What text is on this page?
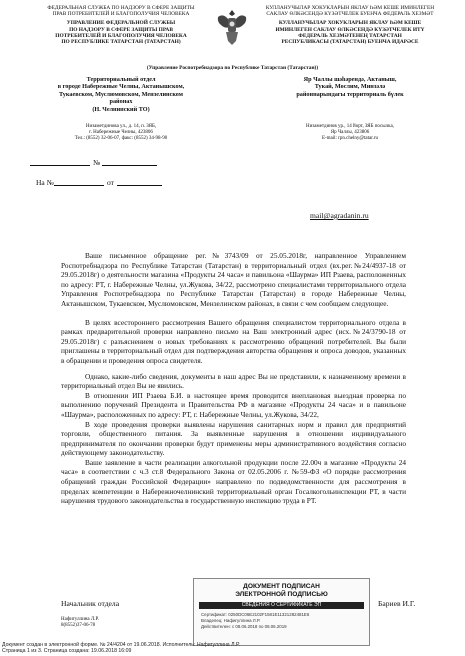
ФЕДЕРАЛЬНАЯ СЛУЖБА ПО НАДЗОРУ В СФЕРЕ ЗАЩИТЫ
ПРАВ ПОТРЕБИТЕЛЕЙ И БЛАГОПОЛУЧИЯ ЧЕЛОВЕКА
УПРАВЛЕНИЕ ФЕДЕРАЛЬНОЙ СЛУЖБЫ
ПО НАДЗОРУ В СФЕРЕ ЗАЩИТЫ ПРАВ
ПОТРЕБИТЕЛЕЙ И БЛАГОПОЛУЧИЯ ЧЕЛОВЕКА
ПО РЕСПУБЛИКЕ ТАТАРСТАН (ТАТАРСТАН)
КУЛЛАНУЧЫЛАР ХОКУКЛАРЫН ЯКЛАУ ҺӘМ КЕШЕ ИМИНЛЕГЕН
САКЛАУ ӨЛКӘСЕНДӘ КҮЗӘТЧЕЛЕК БУЕНЧА ФЕДЕРАЛЬ ХЕЗМӘТ
КУЛЛАНУЧЫЛАР ХОКУКЛАРЫН ЯКЛАУ ҺӘМ КЕШЕ
ИМИНЛЕГЕН САКЛАУ ӨЛКӘСЕНДӘ КҮЗӘТЧЕЛЕК ИТҮ
ФЕДЕРАЛЬ ХЕЗМӘТЕНЕҢ ТАТАРСТАН
РЕСПУБЛИКАСЫ (ТАТАРСТАН) БУЕНЧА ИДАРӘСЕ
(Управление Роспотребнадзора по Республике Татарстан (Татарстан))
Территориальный отдел
в городе Набережные Челны, Актанышском,
Тукаевском, Муслюмовском, Мензелинском
районах
(Н. Челнинский ТО)
Яр Чаллы шәһәрендә, Актаныш,
Тукай, Мөслим, Минзәлә
районнарындагы территориаль бүлек
Низаметдинова ул., д. 14, п. ЗЯБ,
г. Набережные Челны, 423806
Тел.: (8552) 32-06-07, факс: (8552) 34-98-90
Низаметдинов ур., 14 йорт, ЗЯБ посылка,
Яр Чаллы, 423806
E-mail: rpn.chelny@tatar.ru
№
На №	от
mail@agradanin.ru

Ваше письменное обращение рег.№3743/09 от 25.05.2018г, направленное Управлением Роспотребнадзора по Республике Татарстан (Татарстан) в территориальный отдел (вх.рег.№24/4937-18 от 29.05.2018г) о деятельности магазина «Продукты 24 часа» и павильона «Шаурма» ИП Рзаева, расположенных по адресу: РТ, г. Набережные Челны, ул.Жукова, 34/22, рассмотрено специалистами территориального отдела Управления Роспотребнадзора по Республике Татарстан (Татарстан) в городе Набережные Челны, Актанышском, Тукаевском, Муслюмовском, Мензелинском районах, в связи с чем сообщаем следующее.

В целях всестороннего рассмотрения Вашего обращения специалистом территориального отдела в рамках предварительной проверки направлено письмо на Ваш электронный адрес (исх.№24/3790-18 от 29.05.2018г) с разъяснением о новых требованиях к рассмотрению обращений потребителей. Вы были приглашены в территориальный отдел для подтверждения авторства обращения и опроса доводов, указанных в обращении и проведения опроса свидетеля.

Однако, какие-либо сведения, документы в наш адрес Вы не представили, к назначенному времени в территориальный отдел Вы не явились.

В отношении ИП Рзаева Б.И. в настоящее время проводится внеплановая выездная проверка по выполнению поручений Президента и Правительства РФ в магазине «Продукты 24 часа» и в павильоне «Шаурма», расположенных по адресу: РТ, г. Набережные Челны, ул.Жукова, 34/22,

В ходе проведения проверки выявлены нарушения санитарных норм и правил для предприятий торговли, общественного питания. За выявленные нарушения в отношении индивидуального предпринимателя по окончании проверки будут применены меры административного воздействия согласно действующему законодательству.

Ваше заявление в части реализации алкогольной продукции после 22.00ч в магазине «Продукты 24 часа» в соответствии с ч.3 ст.8 Федерального Закона от 02.05.2006 г. №59-ФЗ «О порядке рассмотрения обращений граждан Российской Федерации» направлено по подведомственности для рассмотрения в пределах компетенции в Набережночелнинский территориальный орган Госалкогольинспекции РТ, в части нарушения трудового законодательства в государственную инспекцию труда в РТ.

Начальник отдела	Бариев И.Г.
Нафигуллина Л.Р.
8(8552)37-06-78
ДОКУМЕНТ ПОДПИСАН
ЭЛЕКТРОННОЙ ПОДПИСЬЮ
СВЕДЕНИЯ О СЕРТИФИКАТЕ ЭП
Сертификат: 0250DC06E2102F1581E11321282481E6
Владелец: Нафигуллина Л.Р.
Действителен: с 08.06.2018 по 08.06.2019
Документ создан в электронной форме. № 24/4204 от 19.06.2018. Исполнитель: Нафигуллина Л.Р.
Страница 1 из 3. Страница создана: 19.06.2018 16:09
